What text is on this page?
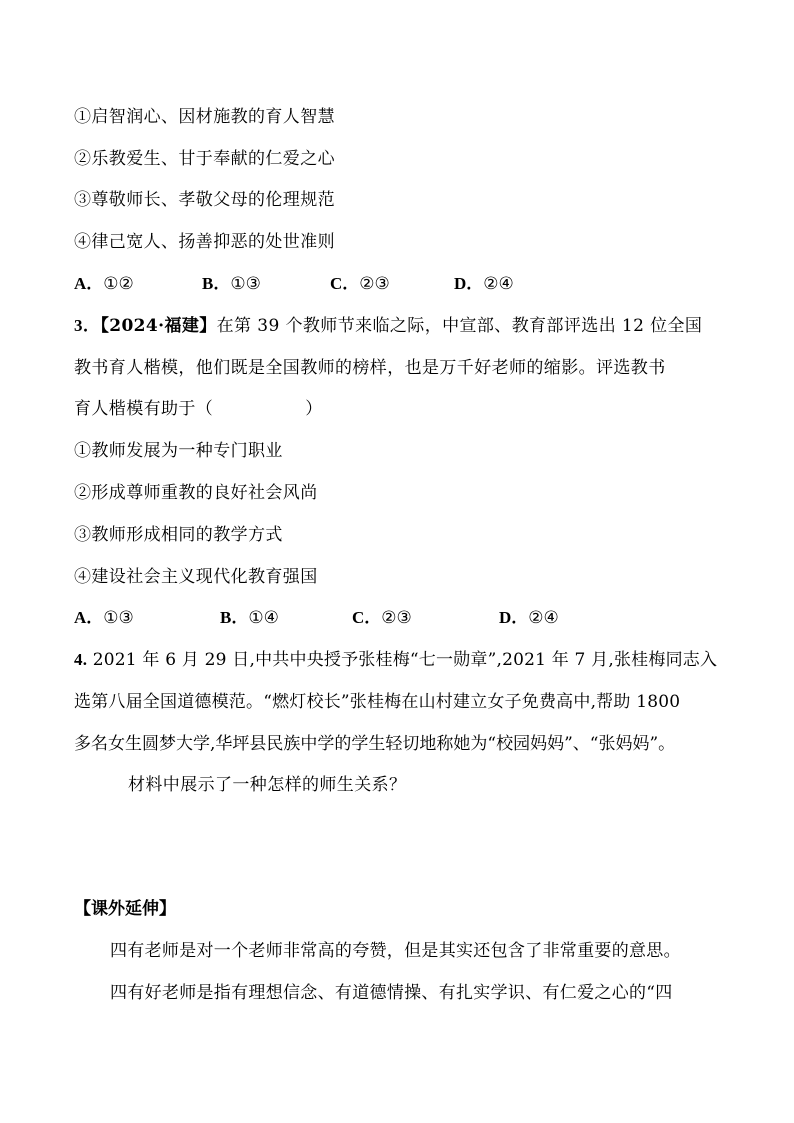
①启智润心、因材施教的育人智慧
②乐教爱生、甘于奉献的仁爱之心
③尊敬师长、孝敬父母的伦理规范
④律己宽人、扬善抑恶的处世准则
A．①②	B．①③	C．②③	D．②④
3．【2024·福建】在第 39 个教师节来临之际，中宣部、教育部评选出 12 位全国
教书育人楷模，他们既是全国教师的榜样，也是万千好老师的缩影。评选教书
育人楷模有助于（	）
①教师发展为一种专门职业
②形成尊师重教的良好社会风尚
③教师形成相同的教学方式
④建设社会主义现代化教育强国
A．①③	B．①④	C．②③	D．②④
4. 2021 年 6 月 29 日,中共中央授予张桂梅“七一勋章”,2021 年 7 月,张桂梅同志入
选第八届全国道德模范。“燃灯校长”张桂梅在山村建立女子免费高中,帮助 1800
多名女生圆梦大学,华坪县民族中学的学生轻切地称她为“校园妈妈”、“张妈妈”。
材料中展示了一种怎样的师生关系？
【课外延伸】
四有老师是对一个老师非常高的夸赞，但是其实还包含了非常重要的意思。
四有好老师是指有理想信念、有道德情操、有扎实学识、有仁爱之心的“四
